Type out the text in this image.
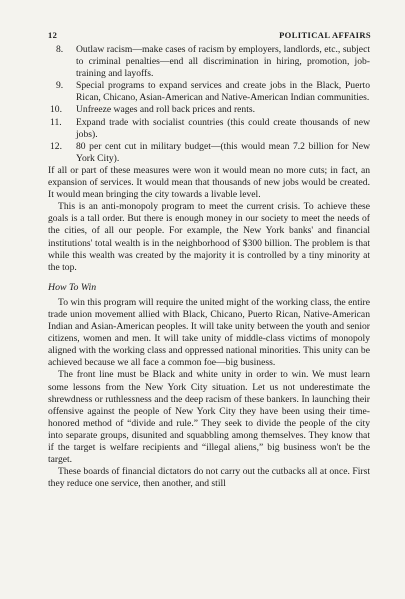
12	POLITICAL AFFAIRS
8.	Outlaw racism—make cases of racism by employers, landlords, etc., subject to criminal penalties—end all discrimination in hiring, promotion, job-training and layoffs.
9.	Special programs to expand services and create jobs in the Black, Puerto Rican, Chicano, Asian-American and Native-American Indian communities.
10.	Unfreeze wages and roll back prices and rents.
11.	Expand trade with socialist countries (this could create thousands of new jobs).
12.	80 per cent cut in military budget—(this would mean 7.2 billion for New York City).

If all or part of these measures were won it would mean no more cuts; in fact, an expansion of services. It would mean that thousands of new jobs would be created. It would mean bringing the city towards a livable level.

This is an anti-monopoly program to meet the current crisis. To achieve these goals is a tall order. But there is enough money in our society to meet the needs of the cities, of all our people. For example, the New York banks' and financial institutions' total wealth is in the neighborhood of $300 billion. The problem is that while this wealth was created by the majority it is controlled by a tiny minority at the top.

How To Win

To win this program will require the united might of the working class, the entire trade union movement allied with Black, Chicano, Puerto Rican, Native-American Indian and Asian-American peoples. It will take unity between the youth and senior citizens, women and men. It will take unity of middle-class victims of monopoly aligned with the working class and oppressed national minorities. This unity can be achieved because we all face a common foe—big business.

The front line must be Black and white unity in order to win. We must learn some lessons from the New York City situation. Let us not underestimate the shrewdness or ruthlessness and the deep racism of these bankers. In launching their offensive against the people of New York City they have been using their time-honored method of “divide and rule.” They seek to divide the people of the city into separate groups, disunited and squabbling among themselves. They know that if the target is welfare recipients and “illegal aliens,” big business won't be the target.

These boards of financial dictators do not carry out the cutbacks all at once. First they reduce one service, then another, and still
